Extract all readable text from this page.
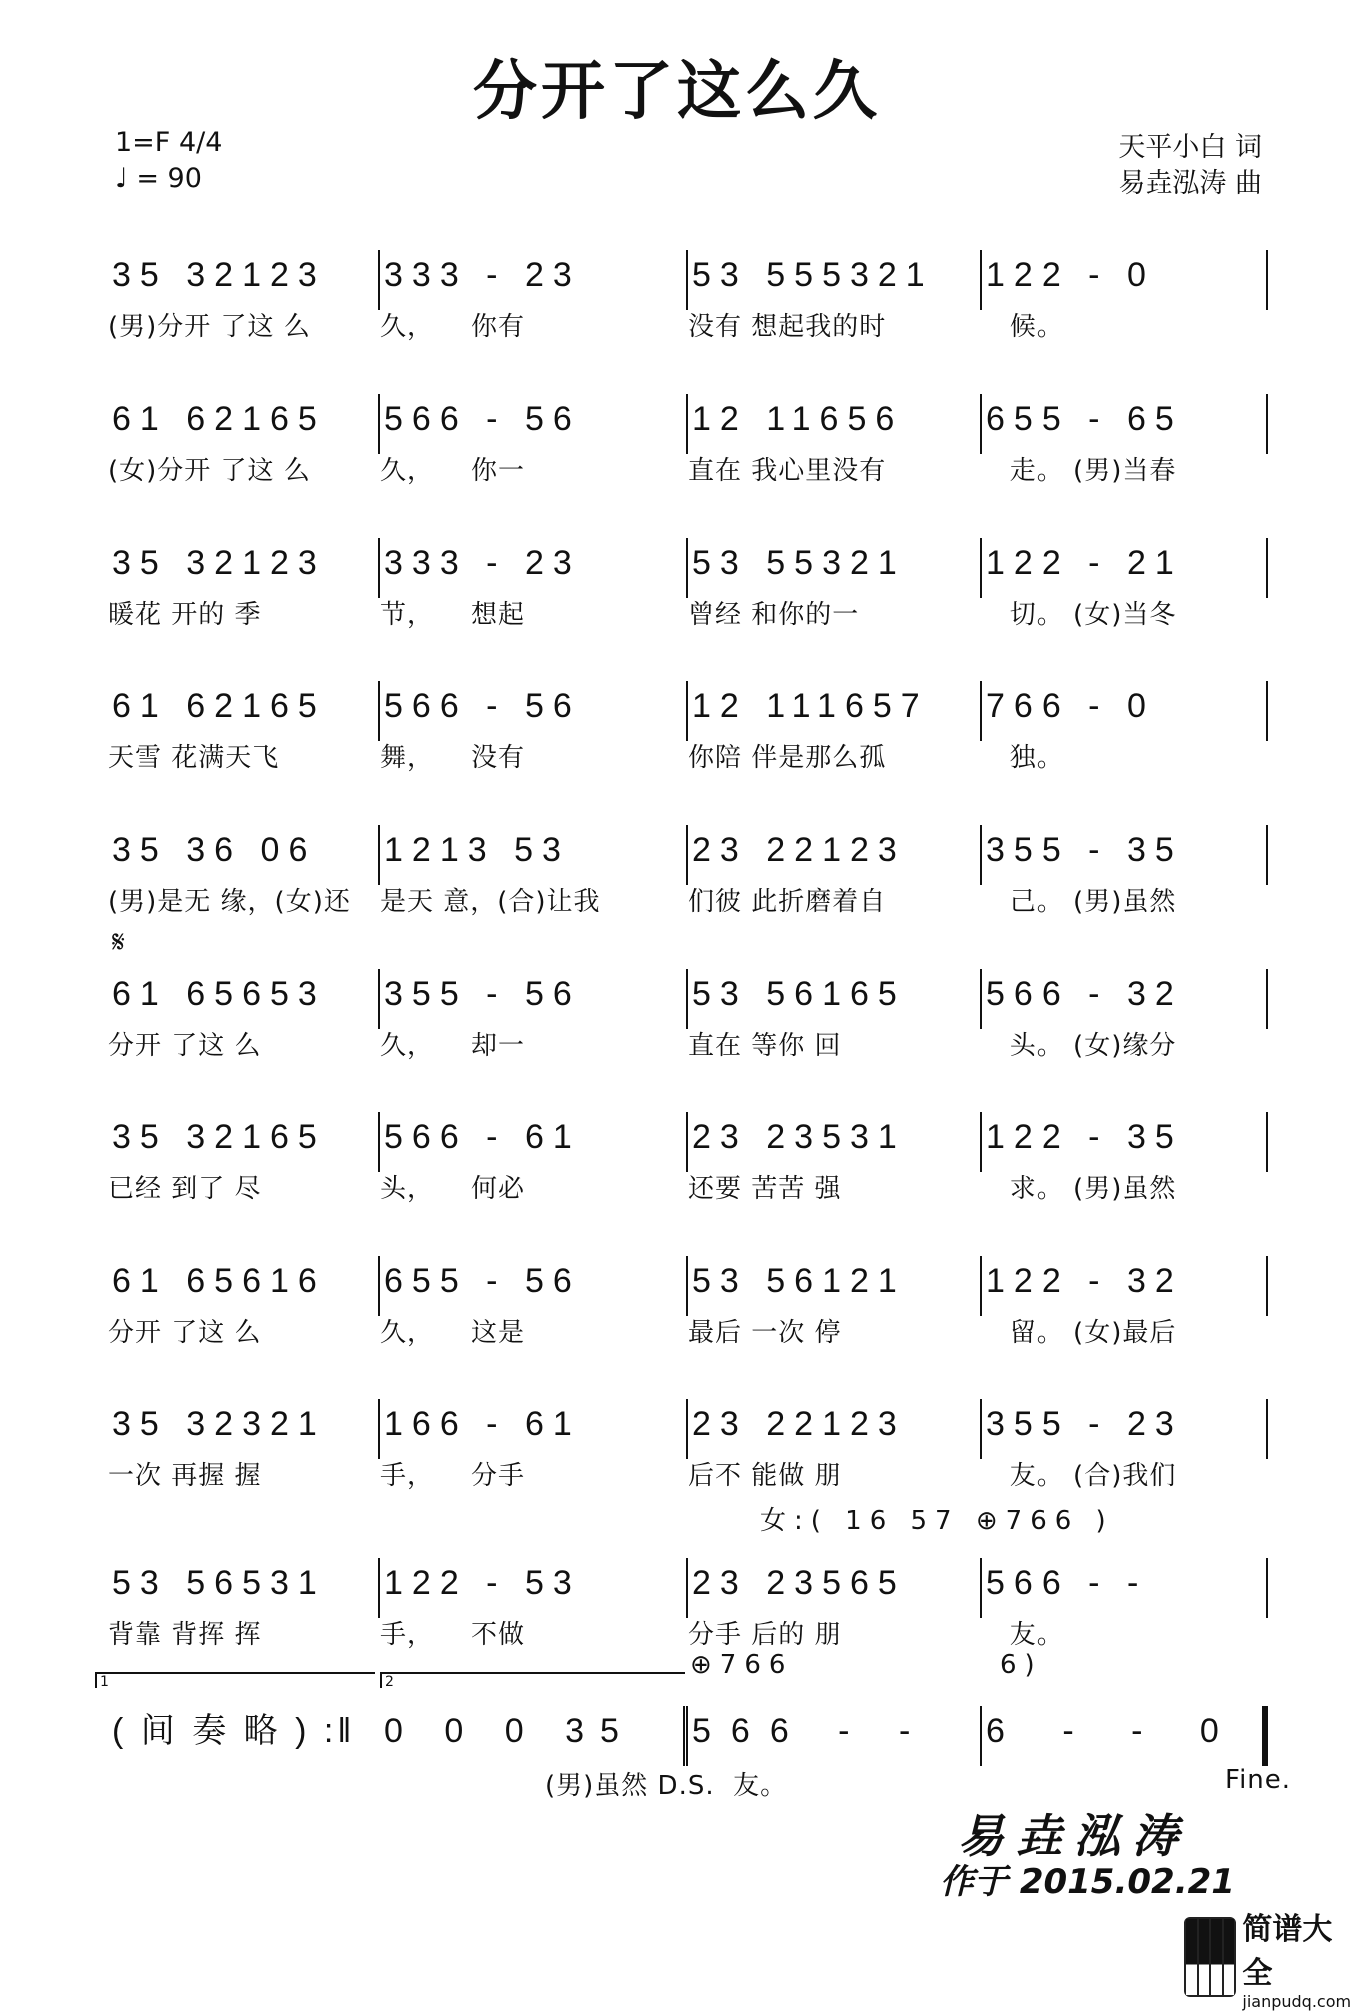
分开了这么久
1=F 4/4
♩ = 90
天平小白 词
易垚泓涛 曲
35 32123
(男)分开 了这 么
333 - 23
久，    你有
53 555321
没有 想起我的时
122 - 0
候。
61 62165
(女)分开 了这 么
566 - 56
久，    你一
12 11656
直在 我心里没有
655 - 65
走。 (男)当春
35 32123
暖花 开的 季
333 - 23
节，    想起
53 55321
曾经 和你的一
122 - 21
切。 (女)当冬
61 62165
天雪 花满天飞
566 - 56
舞，    没有
12 111657
你陪 伴是那么孤
766 - 0
独。
35 36 06
(男)是无 缘，(女)还
1213 53
是天 意，(合)让我
23 22123
们彼 此折磨着自
355 - 35
己。 (男)虽然
61 65653
分开 了这 么
355 - 56
久，    却一
53 56165
直在 等你 回
566 - 32
头。 (女)缘分
35 32165
已经 到了 尽
566 - 61
头，    何必
23 23531
还要 苦苦 强
122 - 35
求。 (男)虽然
61 65616
分开 了这 么
655 - 56
久，    这是
53 56121
最后 一次 停
122 - 32
留。 (女)最后
35 32321
一次 再握 握
166 - 61
手，    分手
23 22123
后不 能做 朋
355 - 23
友。 (合)我们
53 56531
背靠 背挥 挥
122 - 53
手，    不做
23 23565
分手 后的 朋
566 - -
友。
𝄋
女:( 16 57 ⊕766 )
1	2
⊕766	6)
( 间 奏 略 ) :‖ 0 0 0 35	566 - -	6 - - 0
(男)虽然 D.S.  友。	Fine.
易垚泓涛
作于 2015.02.21
简谱大全
jianpudq.com
